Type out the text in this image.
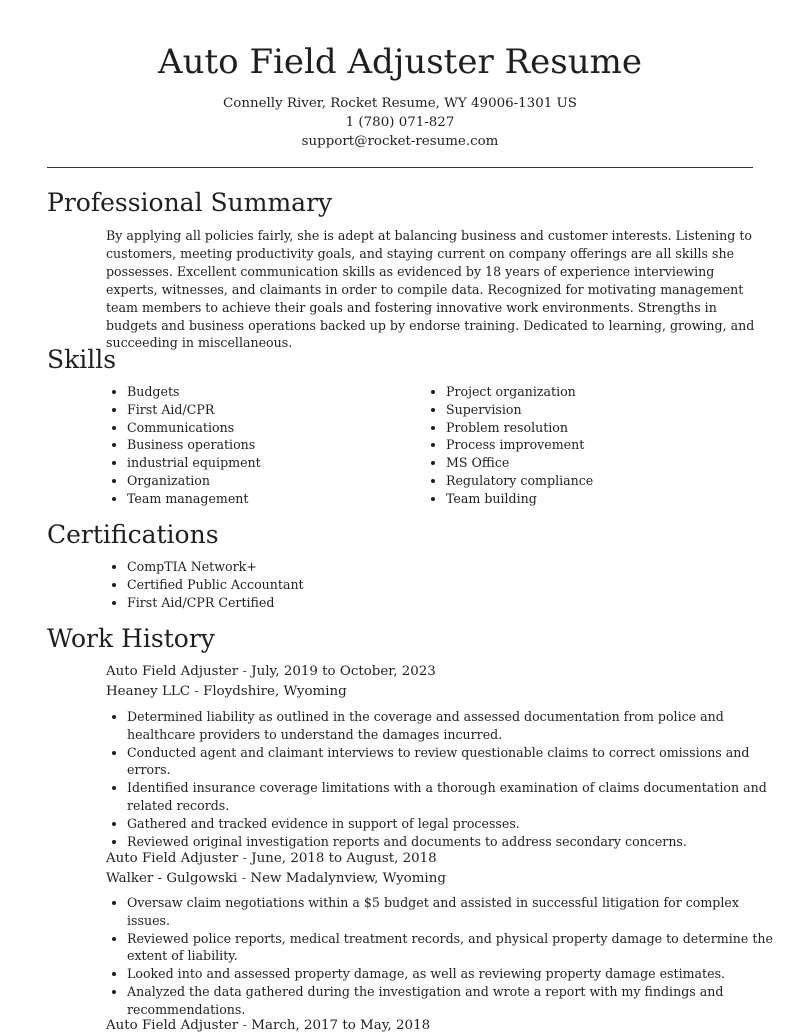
Auto Field Adjuster Resume
Connelly River, Rocket Resume, WY 49006-1301 US
1 (780) 071-827
support@rocket-resume.com
Professional Summary

By applying all policies fairly, she is adept at balancing business and customer interests. Listening to customers, meeting productivity goals, and staying current on company offerings are all skills she possesses. Excellent communication skills as evidenced by 18 years of experience interviewing experts, witnesses, and claimants in order to compile data. Recognized for motivating management team members to achieve their goals and fostering innovative work environments. Strengths in budgets and business operations backed up by endorse training. Dedicated to learning, growing, and succeeding in miscellaneous.

Skills
• Budgets
• First Aid/CPR
• Communications
• Business operations
• industrial equipment
• Organization
• Team management
• Project organization
• Supervision
• Problem resolution
• Process improvement
• MS Office
• Regulatory compliance
• Team building
Certifications
• CompTIA Network+
• Certified Public Accountant
• First Aid/CPR Certified
Work History
Auto Field Adjuster - July, 2019 to October, 2023
Heaney LLC - Floydshire, Wyoming
• Determined liability as outlined in the coverage and assessed documentation from police and healthcare providers to understand the damages incurred.
• Conducted agent and claimant interviews to review questionable claims to correct omissions and errors.
• Identified insurance coverage limitations with a thorough examination of claims documentation and related records.
• Gathered and tracked evidence in support of legal processes.
• Reviewed original investigation reports and documents to address secondary concerns.
Auto Field Adjuster - June, 2018 to August, 2018
Walker - Gulgowski - New Madalynview, Wyoming
• Oversaw claim negotiations within a $5 budget and assisted in successful litigation for complex issues.
• Reviewed police reports, medical treatment records, and physical property damage to determine the extent of liability.
• Looked into and assessed property damage, as well as reviewing property damage estimates.
• Analyzed the data gathered during the investigation and wrote a report with my findings and recommendations.
Auto Field Adjuster - March, 2017 to May, 2018
